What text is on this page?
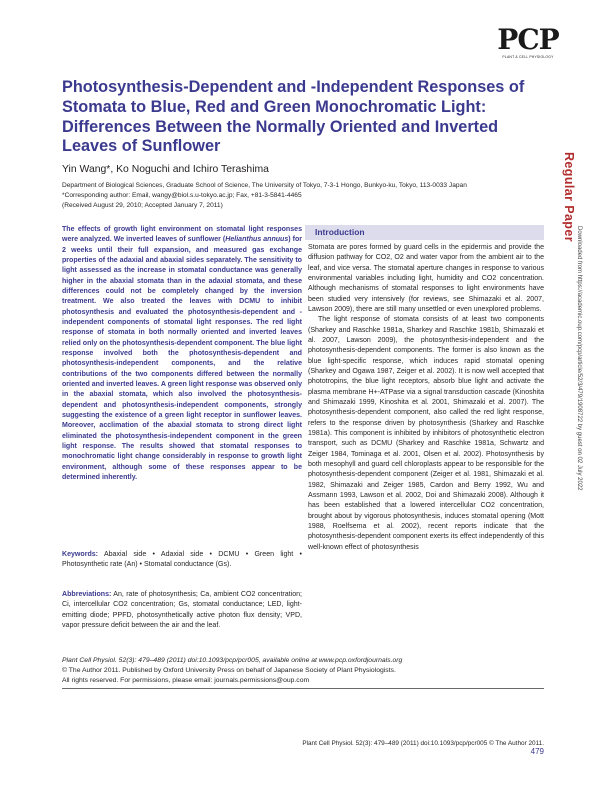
PCP
PLANT & CELL PHYSIOLOGY
Regular Paper
Downloaded from https://academic.oup.com/pcp/article/52/3/479/1908722 by guest on 02 July 2022
Photosynthesis-Dependent and -Independent Responses of Stomata to Blue, Red and Green Monochromatic Light: Differences Between the Normally Oriented and Inverted Leaves of Sunflower
Yin Wang*, Ko Noguchi and Ichiro Terashima
Department of Biological Sciences, Graduate School of Science, The University of Tokyo, 7-3-1 Hongo, Bunkyo-ku, Tokyo, 113-0033 Japan
*Corresponding author: Email, wangy@biol.s.u-tokyo.ac.jp; Fax, +81-3-5841-4465
(Received August 29, 2010; Accepted January 7, 2011)
The effects of growth light environment on stomatal light responses were analyzed. We inverted leaves of sunflower (Helianthus annuus) for 2 weeks until their full expansion, and measured gas exchange properties of the adaxial and abaxial sides separately. The sensitivity to light assessed as the increase in stomatal conductance was generally higher in the abaxial stomata than in the adaxial stomata, and these differences could not be completely changed by the inversion treatment. We also treated the leaves with DCMU to inhibit photosynthesis and evaluated the photosynthesis-dependent and -independent components of stomatal light responses. The red light response of stomata in both normally oriented and inverted leaves relied only on the photosynthesis-dependent component. The blue light response involved both the photosynthesis-dependent and photosynthesis-independent components, and the relative contributions of the two components differed between the normally oriented and inverted leaves. A green light response was observed only in the abaxial stomata, which also involved the photosynthesis-dependent and photosynthesis-independent components, strongly suggesting the existence of a green light receptor in sunflower leaves. Moreover, acclimation of the abaxial stomata to strong direct light eliminated the photosynthesis-independent component in the green light response. The results showed that stomatal responses to monochromatic light change considerably in response to growth light environment, although some of these responses appear to be determined inherently.
Keywords: Abaxial side • Adaxial side • DCMU • Green light • Photosynthetic rate (An) • Stomatal conductance (Gs).
Abbreviations: An, rate of photosynthesis; Ca, ambient CO2 concentration; Ci, intercellular CO2 concentration; Gs, stomatal conductance; LED, light-emitting diode; PPFD, photosynthetically active photon flux density; VPD, vapor pressure deficit between the air and the leaf.
Introduction

Stomata are pores formed by guard cells in the epidermis and provide the diffusion pathway for CO2, O2 and water vapor from the ambient air to the leaf, and vice versa. The stomatal aperture changes in response to various environmental variables including light, humidity and CO2 concentration. Although mechanisms of stomatal responses to light environments have been studied very intensively (for reviews, see Shimazaki et al. 2007, Lawson 2009), there are still many unsettled or even unexplored problems.

The light response of stomata consists of at least two components (Sharkey and Raschke 1981a, Sharkey and Raschke 1981b, Shimazaki et al. 2007, Lawson 2009), the photosynthesis-independent and the photosynthesis-dependent components. The former is also known as the blue light-specific response, which induces rapid stomatal opening (Sharkey and Ogawa 1987, Zeiger et al. 2002). It is now well accepted that phototropins, the blue light receptors, absorb blue light and activate the plasma membrane H+-ATPase via a signal transduction cascade (Kinoshita and Shimazaki 1999, Kinoshita et al. 2001, Shimazaki et al. 2007). The photosynthesis-dependent component, also called the red light response, refers to the response driven by photosynthesis (Sharkey and Raschke 1981a). This component is inhibited by inhibitors of photosynthetic electron transport, such as DCMU (Sharkey and Raschke 1981a, Schwartz and Zeiger 1984, Tominaga et al. 2001, Olsen et al. 2002). Photosynthesis by both mesophyll and guard cell chloroplasts appear to be responsible for the photosynthesis-dependent component (Zeiger et al. 1981, Shimazaki et al. 1982, Shimazaki and Zeiger 1985, Cardon and Berry 1992, Wu and Assmann 1993, Lawson et al. 2002, Doi and Shimazaki 2008). Although it has been established that a lowered intercellular CO2 concentration, brought about by vigorous photosynthesis, induces stomatal opening (Mott 1988, Roelfsema et al. 2002), recent reports indicate that the photosynthesis-dependent component exerts its effect independently of this well-known effect of photosynthesis

Plant Cell Physiol. 52(3): 479–489 (2011) doi:10.1093/pcp/pcr005, available online at www.pcp.oxfordjournals.org
© The Author 2011. Published by Oxford University Press on behalf of Japanese Society of Plant Physiologists.
All rights reserved. For permissions, please email: journals.permissions@oup.com
Plant Cell Physiol. 52(3): 479–489 (2011) doi:10.1093/pcp/pcr005 © The Author 2011. 479
